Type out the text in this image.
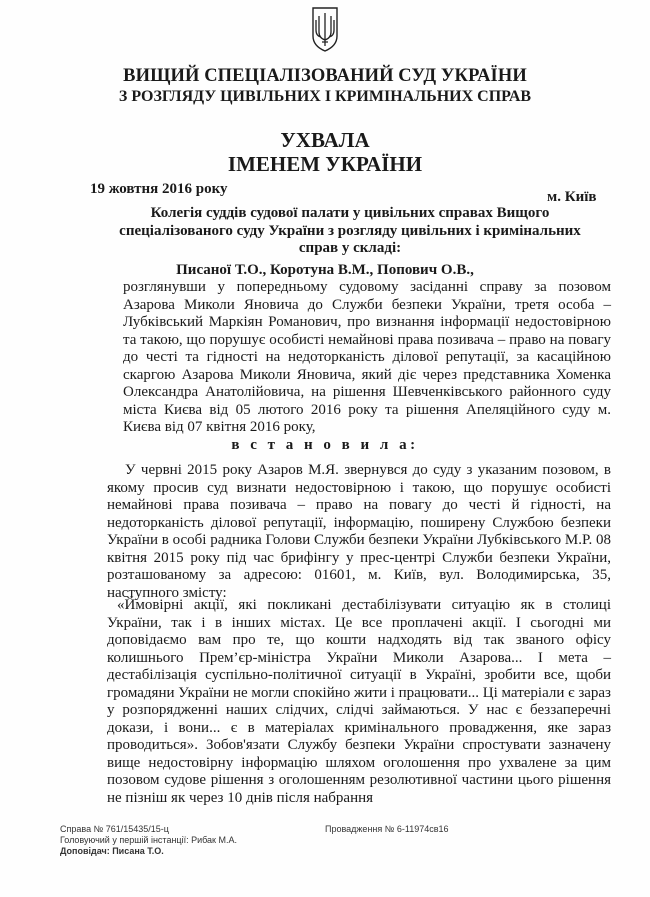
ВИЩИЙ СПЕЦІАЛІЗОВАНИЙ СУД УКРАЇНИ
З РОЗГЛЯДУ ЦИВІЛЬНИХ І КРИМІНАЛЬНИХ СПРАВ
УХВАЛА
ІМЕНЕМ УКРАЇНИ
19 жовтня 2016 року	м. Київ
Колегія суддів судової палати у цивільних справах Вищого спеціалізованого суду України з розгляду цивільних і кримінальних справ у складі:
Писаної Т.О., Коротуна В.М., Попович О.В.,
розглянувши у попередньому судовому засіданні справу за позовом Азарова Миколи Яновича до Служби безпеки України, третя особа – Лубківський Маркіян Романович, про визнання інформації недостовірною та такою, що порушує особисті немайнові права позивача – право на повагу до честі та гідності на недоторканість ділової репутації, за касаційною скаргою Азарова Миколи Яновича, який діє через представника Хоменка Олександра Анатолійовича, на рішення Шевченківського районного суду міста Києва від 05 лютого 2016 року та рішення Апеляційного суду м. Києва від 07 квітня 2016 року,
в с т а н о в и л а:
У червні 2015 року Азаров М.Я. звернувся до суду з указаним позовом, в якому просив суд визнати недостовірною і такою, що порушує особисті немайнові права позивача – право на повагу до честі й гідності, на недоторканість ділової репутації, інформацію, поширену Службою безпеки України в особі радника Голови Служби безпеки України Лубківського М.Р. 08 квітня 2015 року під час брифінгу у прес-центрі Служби безпеки України, розташованому за адресою: 01601, м. Київ, вул. Володимирська, 35, наступного змісту:
«Ймовірні акції, які покликані дестабілізувати ситуацію як в столиці України, так і в інших містах. Це все проплачені акції. І сьогодні ми доповідаємо вам про те, що кошти надходять від так званого офісу колишнього Прем’єр-міністра України Миколи Азарова... І мета – дестабілізація суспільно-політичної ситуації в Україні, зробити все, щоби громадяни України не могли спокійно жити і працювати... Ці матеріали є зараз у розпорядженні наших слідчих, слідчі займаються. У нас є беззаперечні докази, і вони... є в матеріалах кримінального провадження, яке зараз проводиться». Зобов'язати Службу безпеки України спростувати зазначену вище недостовірну інформацію шляхом оголошення про ухвалене за цим позовом судове рішення з оголошенням резолютивної частини цього рішення не пізніш як через 10 днів після набрання
Справа № 761/15435/15-ц
Головуючий у першій інстанції: Рибак М.А.
Доповідач: Писана Т.О.
Провадження № 6-11974св16
